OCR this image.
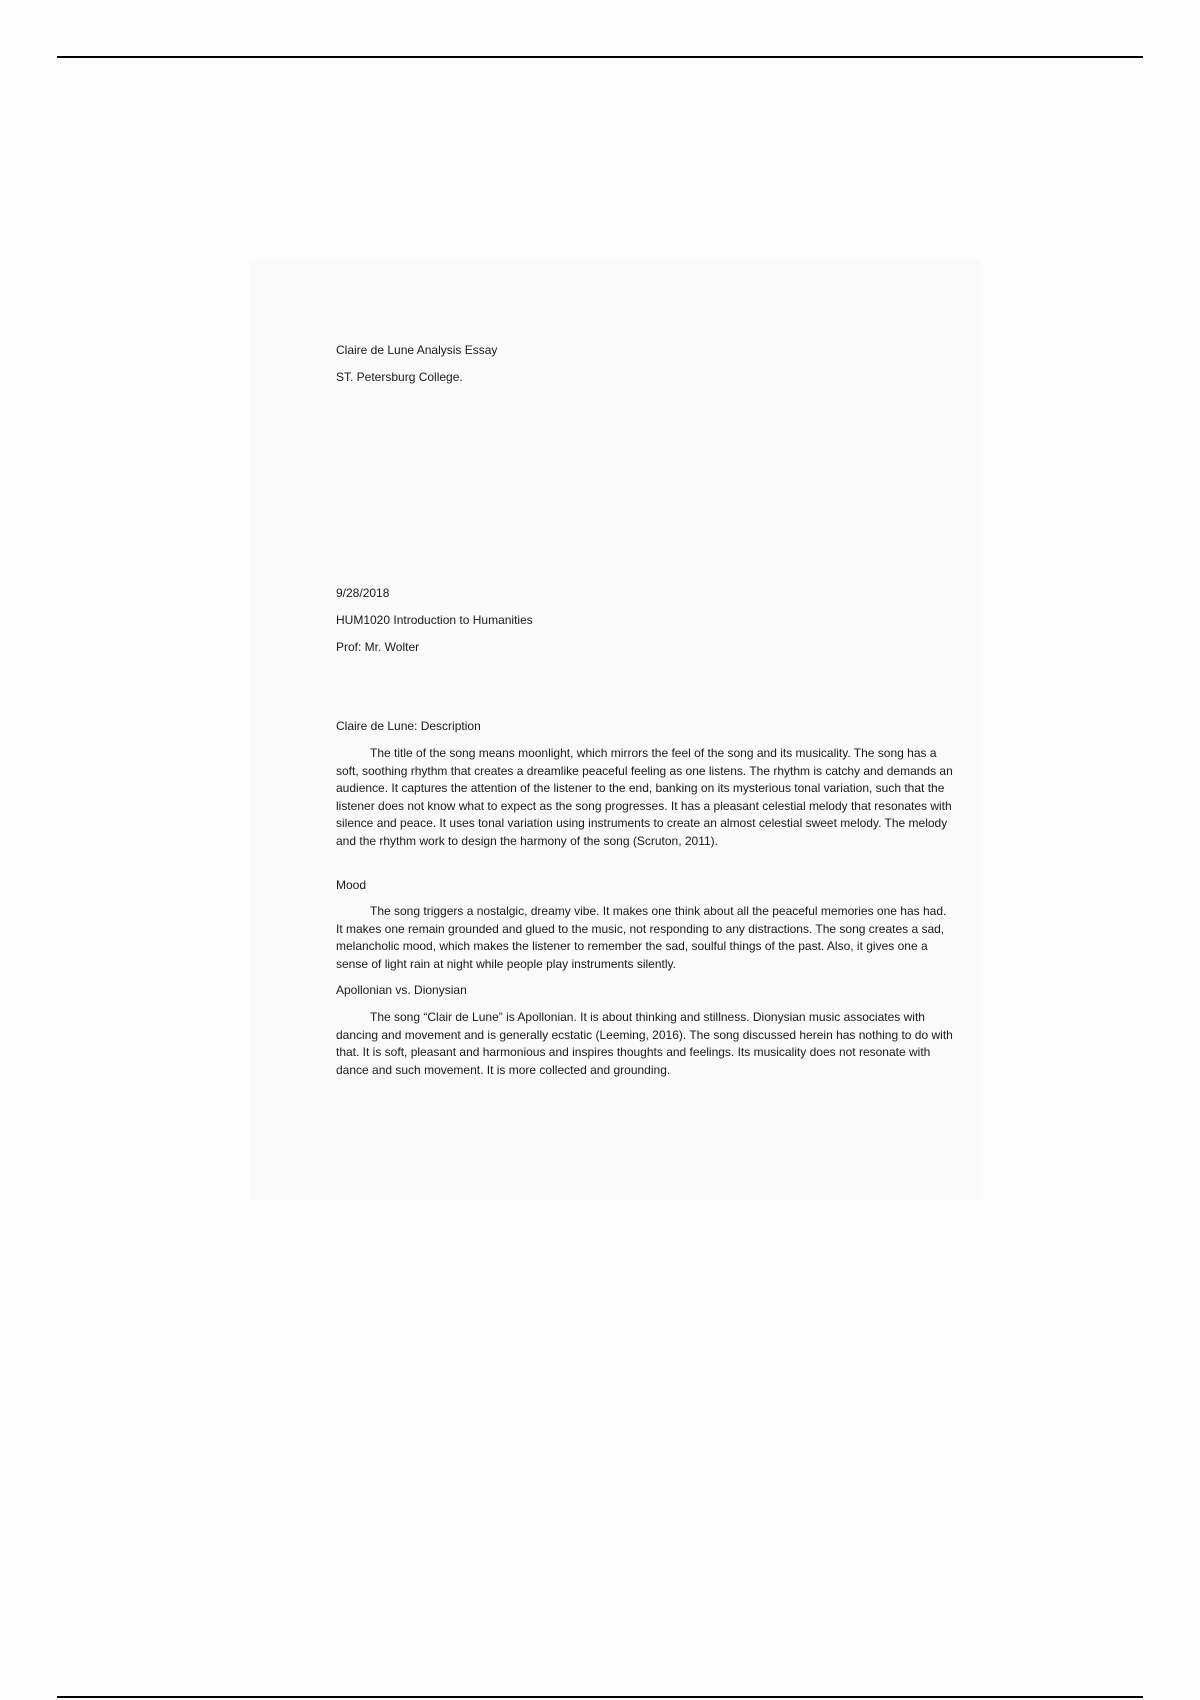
Claire de Lune Analysis Essay
ST. Petersburg College.
9/28/2018
HUM1020 Introduction to Humanities
Prof: Mr. Wolter
Claire de Lune: Description

The title of the song means moonlight, which mirrors the feel of the song and its musicality. The song has a soft, soothing rhythm that creates a dreamlike peaceful feeling as one listens. The rhythm is catchy and demands an audience. It captures the attention of the listener to the end, banking on its mysterious tonal variation, such that the listener does not know what to expect as the song progresses. It has a pleasant celestial melody that resonates with silence and peace. It uses tonal variation using instruments to create an almost celestial sweet melody. The melody and the rhythm work to design the harmony of the song (Scruton, 2011).

Mood

The song triggers a nostalgic, dreamy vibe. It makes one think about all the peaceful memories one has had. It makes one remain grounded and glued to the music, not responding to any distractions. The song creates a sad, melancholic mood, which makes the listener to remember the sad, soulful things of the past. Also, it gives one a sense of light rain at night while people play instruments silently.

Apollonian vs. Dionysian

The song “Clair de Lune” is Apollonian. It is about thinking and stillness. Dionysian music associates with dancing and movement and is generally ecstatic (Leeming, 2016). The song discussed herein has nothing to do with that. It is soft, pleasant and harmonious and inspires thoughts and feelings. Its musicality does not resonate with dance and such movement. It is more collected and grounding.
